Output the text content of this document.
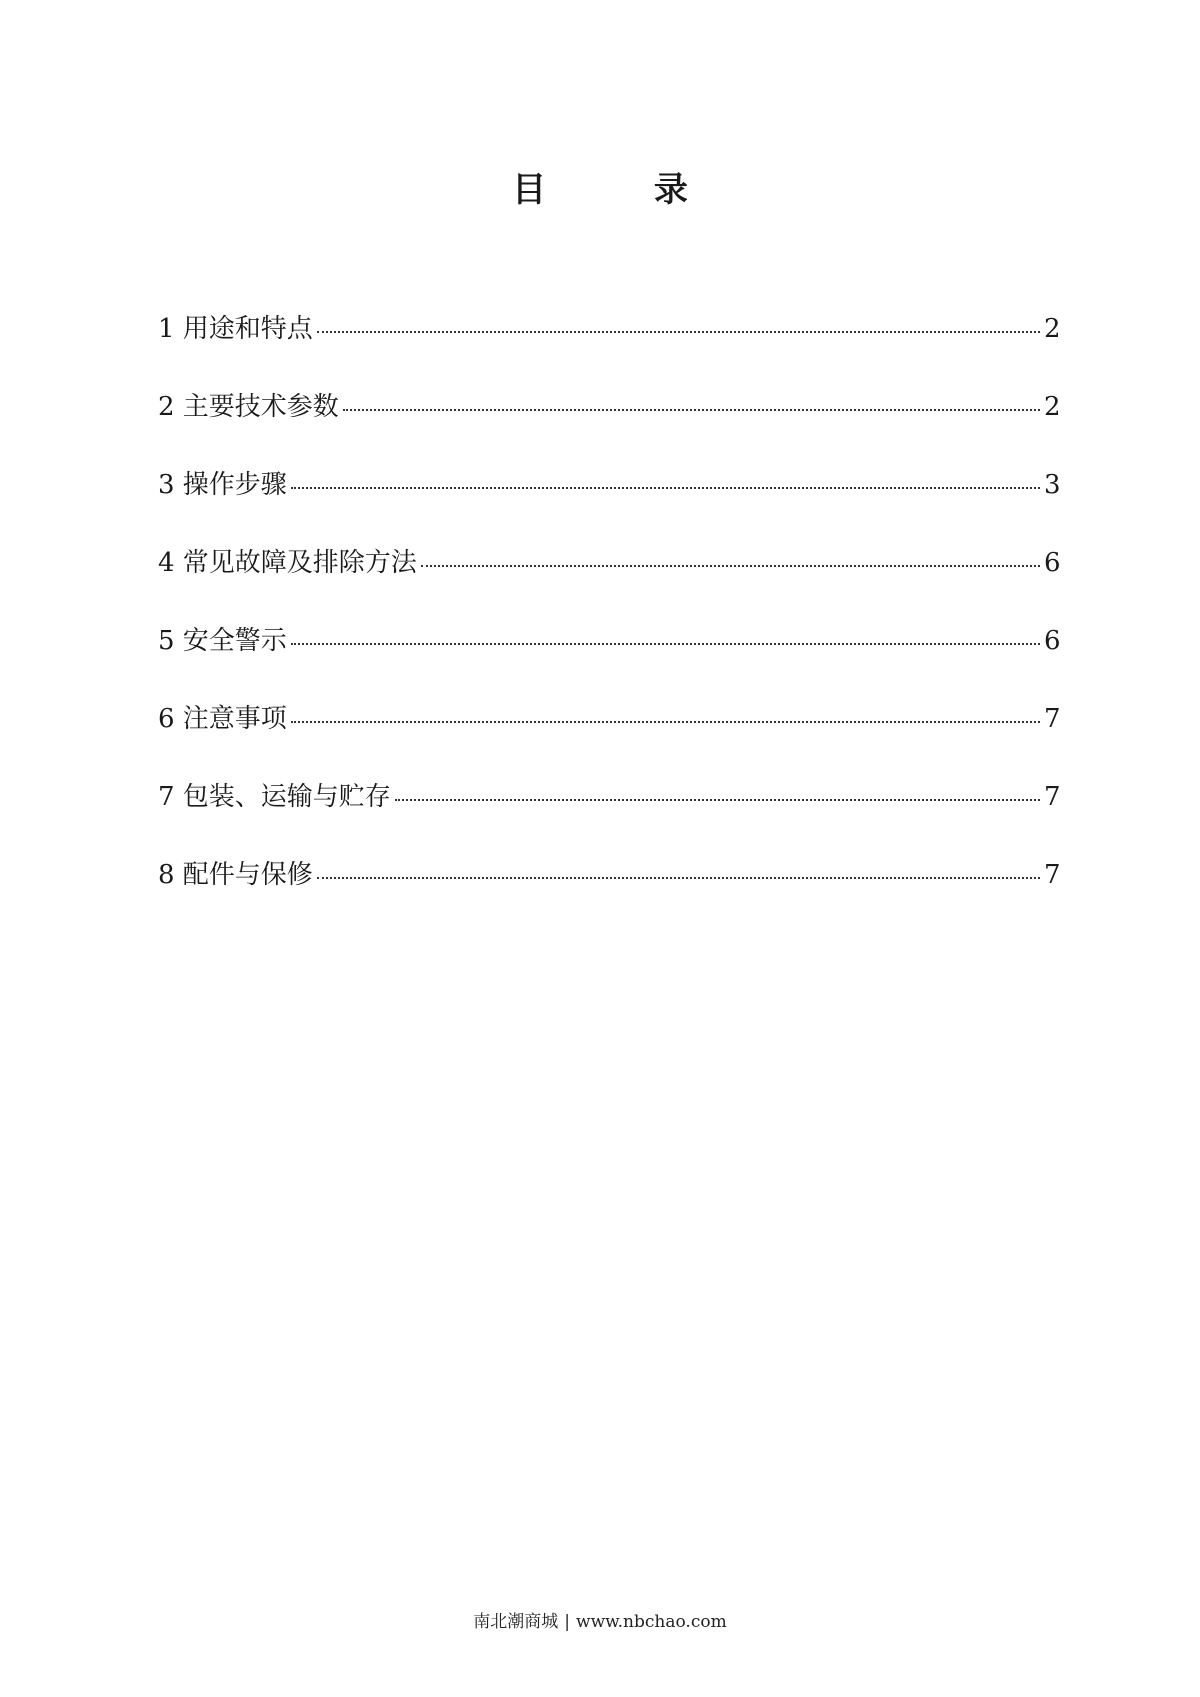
目 录
1 用途和特点	2
2 主要技术参数	2
3 操作步骤	3
4 常见故障及排除方法	6
5 安全警示	6
6 注意事项	7
7 包装、运输与贮存	7
8 配件与保修	7
南北潮商城 | www.nbchao.com
